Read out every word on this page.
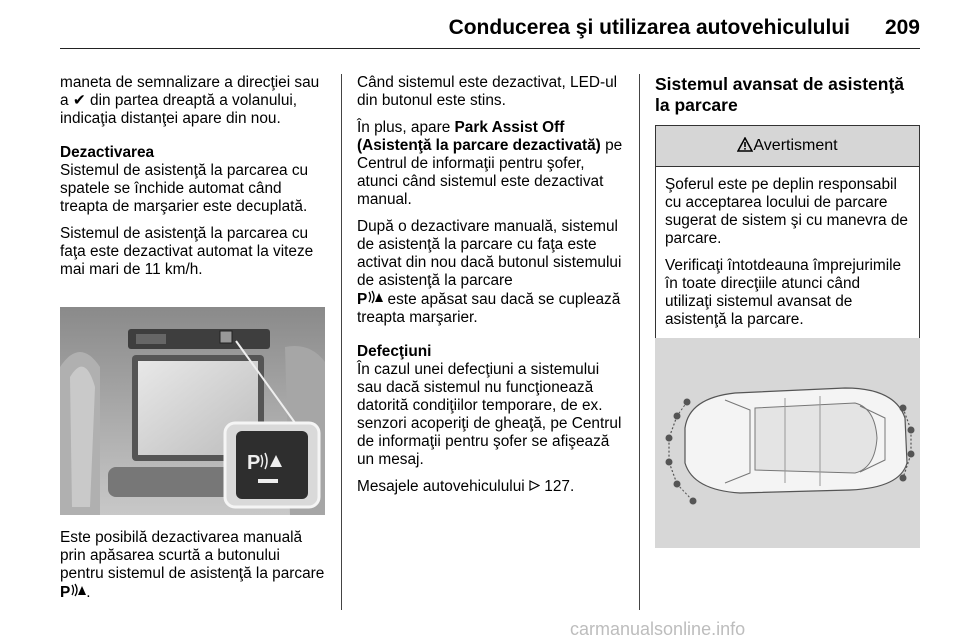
Conducerea şi utilizarea autovehiculului 209

maneta de semnalizare a direcţiei sau a ✔ din partea dreaptă a volanului, indicaţia distanţei apare din nou.

Dezactivarea

Sistemul de asistenţă la parcarea cu spatele se închide automat când treapta de marşarier este decuplată.

Sistemul de asistenţă la parcarea cu faţa este dezactivat automat la viteze mai mari de 11 km/h.

P
Este posibilă dezactivarea manuală prin apăsarea scurtă a butonului pentru sistemul de asistenţă la parcare P .

Când sistemul este dezactivat, LED-ul din butonul este stins.

În plus, apare Park Assist Off (Asistenţă la parcare dezactivată) pe Centrul de informaţii pentru şofer, atunci când sistemul este dezactivat manual.

După o dezactivare manuală, sistemul de asistenţă la parcare cu faţa este activat din nou dacă butonul sistemului de asistenţă la parcare
P este apăsat sau dacă se cuplează treapta marşarier.

Defecţiuni

În cazul unei defecţiuni a sistemului sau dacă sistemul nu funcţionează datorită condiţiilor temporare, de ex. senzori acoperiţi de gheaţă, pe Centrul de informaţii pentru şofer se afişează un mesaj.

Mesajele autovehiculului 127.

Sistemul avansat de asistenţă la parcare
Avertisment

Şoferul este pe deplin responsabil cu acceptarea locului de parcare sugerat de sistem şi cu manevra de parcare.

Verificaţi întotdeauna împrejurimile în toate direcţiile atunci când utilizaţi sistemul avansat de asistenţă la parcare.

carmanualsonline.info
